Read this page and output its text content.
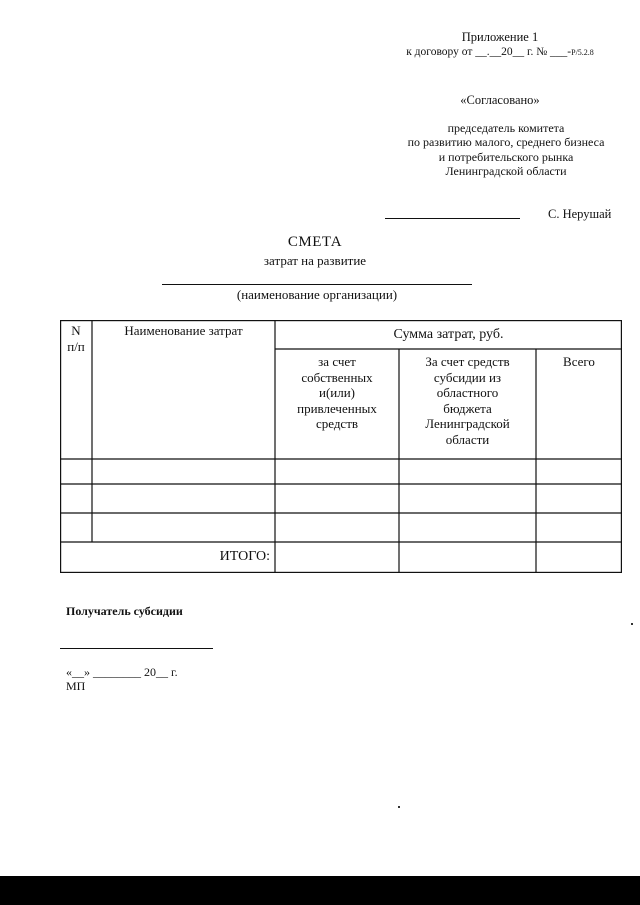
Приложение 1
к договору от __.__20__ г. № ___-Р/5.2.8
«Согласовано»
председатель комитета
по развитию малого, среднего бизнеса
и потребительского рынка
Ленинградской области
С. Нерушай
СМЕТА
затрат на развитие
(наименование организации)
N
п/п
Наименование затрат	Сумма затрат, руб.
за счет
собственных
и(или)
привлеченных
средств
За счет средств
субсидии из
областного
бюджета
Ленинградской
области
Всего
ИТОГО:
Получатель субсидии
«__» ________ 20__ г.
МП
